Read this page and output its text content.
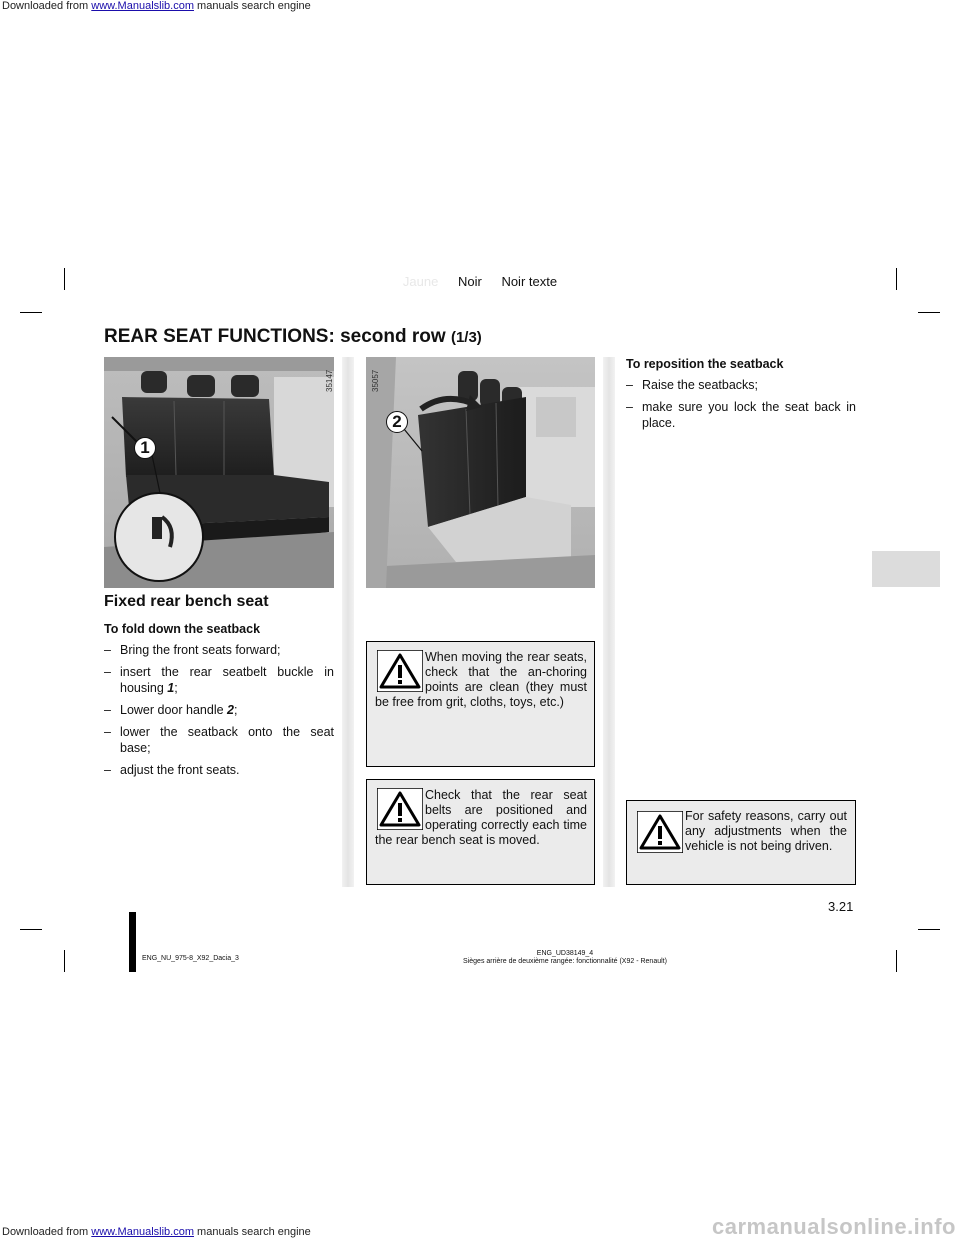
Downloaded from www.Manualslib.com manuals search engine
Jaune Noir Noir texte
REAR SEAT FUNCTIONS: second row (1/3)
1
35147
2
35057
Fixed rear bench seat
To fold down the seatback
– Bring the front seats forward;
– insert the rear seatbelt buckle in housing 1;
– Lower door handle 2;
– lower the seatback onto the seat base;
– adjust the front seats.
When moving the rear seats, check that the an-choring points are clean (they must be free from grit, cloths, toys, etc.)
Check that the rear seat belts are positioned and operating correctly each time the rear bench seat is moved.
To reposition the seatback
– Raise the seatbacks;
– make sure you lock the seat back in place.
For safety reasons, carry out any adjustments when the vehicle is not being driven.
3.21
ENG_NU_975-8_X92_Dacia_3
ENG_UD38149_4
Sièges arrière de deuxième rangée: fonctionnalité (X92 - Renault)
Downloaded from www.Manualslib.com manuals search engine	carmanualsonline.info
